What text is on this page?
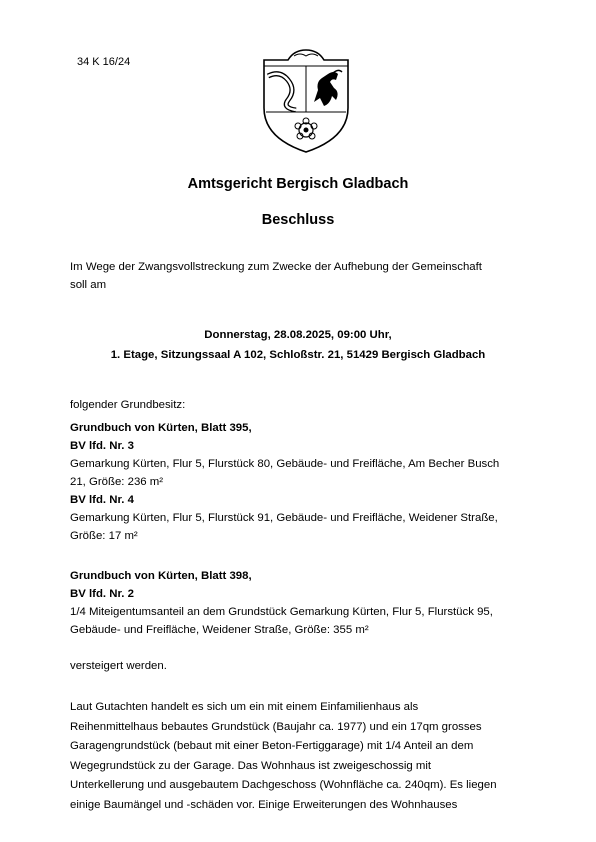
34 K 16/24
Amtsgericht Bergisch Gladbach
Beschluss
Im Wege der Zwangsvollstreckung zum Zwecke der Aufhebung der Gemeinschaft
soll am
Donnerstag, 28.08.2025, 09:00 Uhr,
1. Etage, Sitzungssaal A 102, Schloßstr. 21, 51429 Bergisch Gladbach
folgender Grundbesitz:
Grundbuch von Kürten, Blatt 395,
BV lfd. Nr. 3
Gemarkung Kürten, Flur 5, Flurstück 80, Gebäude- und Freifläche, Am Becher Busch
21, Größe: 236 m²
BV lfd. Nr. 4
Gemarkung Kürten, Flur 5, Flurstück 91, Gebäude- und Freifläche, Weidener Straße,
Größe: 17 m²
Grundbuch von Kürten, Blatt 398,
BV lfd. Nr. 2
1/4 Miteigentumsanteil an dem Grundstück Gemarkung Kürten, Flur 5, Flurstück 95,
Gebäude- und Freifläche, Weidener Straße, Größe: 355 m²
versteigert werden.
Laut Gutachten handelt es sich um ein mit einem Einfamilienhaus als
Reihenmittelhaus bebautes Grundstück (Baujahr ca. 1977) und ein 17qm grosses
Garagengrundstück (bebaut mit einer Beton-Fertiggarage) mit 1/4 Anteil an dem
Wegegrundstück zu der Garage. Das Wohnhaus ist zweigeschossig mit
Unterkellerung und ausgebautem Dachgeschoss (Wohnfläche ca. 240qm). Es liegen
einige Baumängel und -schäden vor. Einige Erweiterungen des Wohnhauses
